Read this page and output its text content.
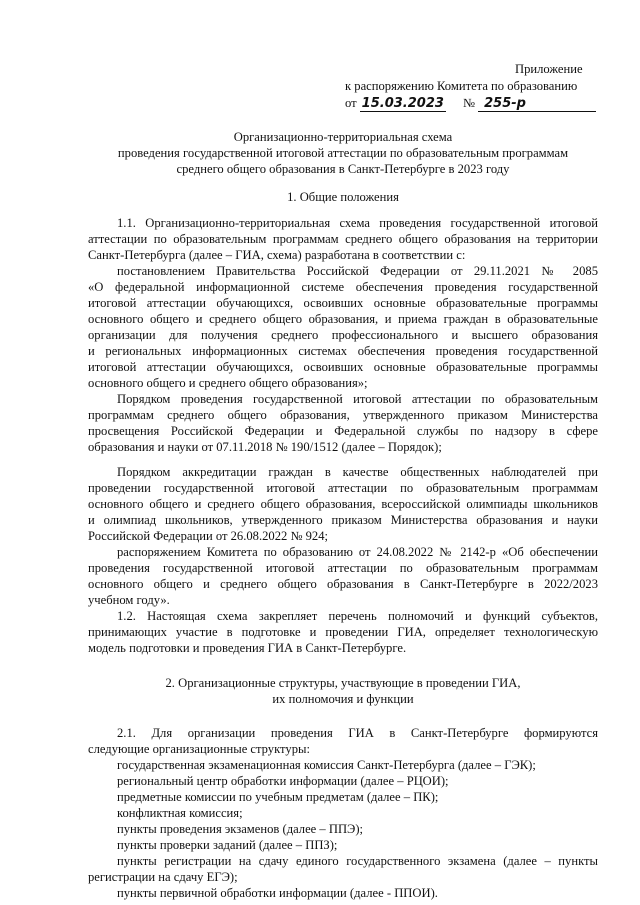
Приложение
к распоряжению Комитета по образованию
от 15.03.2023 № 255-р
Организационно-территориальная схема
проведения государственной итоговой аттестации по образовательным программам
среднего общего образования в Санкт-Петербурге в 2023 году
1. Общие положения
1.1. Организационно-территориальная схема проведения государственной итоговой
аттестации по образовательным программам среднего общего образования на территории
Санкт-Петербурга (далее – ГИА, схема) разработана в соответствии с:
постановлением Правительства Российской Федерации от 29.11.2021 № 2085
«О федеральной информационной системе обеспечения проведения государственной
итоговой аттестации обучающихся, освоивших основные образовательные программы
основного общего и среднего общего образования, и приема граждан в образовательные
организации для получения среднего профессионального и высшего образования
и региональных информационных системах обеспечения проведения государственной
итоговой аттестации обучающихся, освоивших основные образовательные программы
основного общего и среднего общего образования»;
Порядком проведения государственной итоговой аттестации по образовательным
программам среднего общего образования, утвержденного приказом Министерства
просвещения Российской Федерации и Федеральной службы по надзору в сфере
образования и науки от 07.11.2018 № 190/1512 (далее – Порядок);
Порядком аккредитации граждан в качестве общественных наблюдателей при
проведении государственной итоговой аттестации по образовательным программам
основного общего и среднего общего образования, всероссийской олимпиады школьников
и олимпиад школьников, утвержденного приказом Министерства образования и науки
Российской Федерации от 26.08.2022 № 924;
распоряжением Комитета по образованию от 24.08.2022 № 2142-р «Об обеспечении
проведения государственной итоговой аттестации по образовательным программам
основного общего и среднего общего образования в Санкт-Петербурге в 2022/2023
учебном году».
1.2. Настоящая схема закрепляет перечень полномочий и функций субъектов,
принимающих участие в подготовке и проведении ГИА, определяет технологическую
модель подготовки и проведения ГИА в Санкт-Петербурге.
2. Организационные структуры, участвующие в проведении ГИА,
их полномочия и функции
2.1. Для организации проведения ГИА в Санкт-Петербурге формируются
следующие организационные структуры:
государственная экзаменационная комиссия Санкт-Петербурга (далее – ГЭК);
региональный центр обработки информации (далее – РЦОИ);
предметные комиссии по учебным предметам (далее – ПК);
конфликтная комиссия;
пункты проведения экзаменов (далее – ППЭ);
пункты проверки заданий (далее – ППЗ);
пункты регистрации на сдачу единого государственного экзамена (далее – пункты
регистрации на сдачу ЕГЭ);
пункты первичной обработки информации (далее - ППОИ).
